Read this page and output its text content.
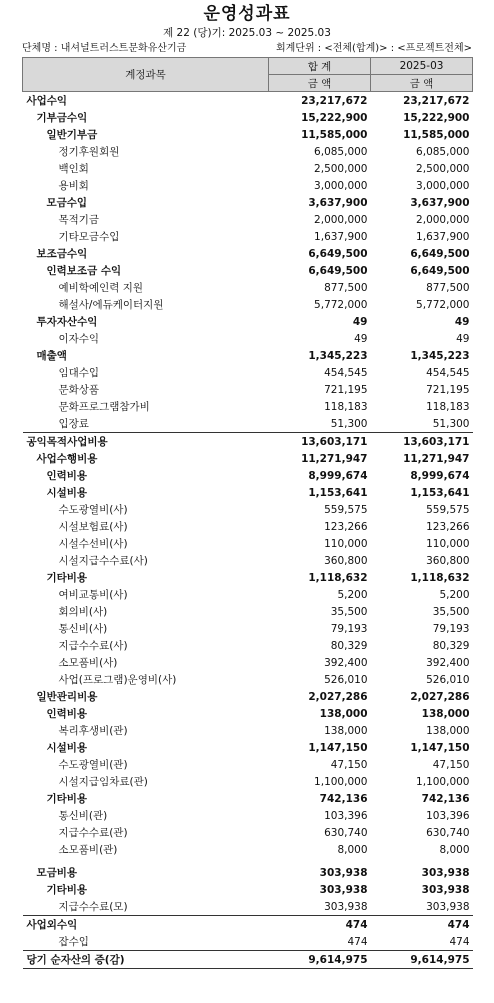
운영성과표
제 22 (당)기: 2025.03 ~ 2025.03
단체명 : 내셔널트러스트문화유산기금	회계단위 : <전체(합계)> : <프로젝트전체>
계정과목	합 계	2025-03
	금 액	금 액
사업수익	23,217,672	23,217,672
기부금수익	15,222,900	15,222,900
일반기부금	11,585,000	11,585,000
정기후원회원	6,085,000	6,085,000
백인회	2,500,000	2,500,000
용비회	3,000,000	3,000,000
모금수입	3,637,900	3,637,900
목적기금	2,000,000	2,000,000
기타모금수입	1,637,900	1,637,900
보조금수익	6,649,500	6,649,500
인력보조금 수익	6,649,500	6,649,500
예비학예인력 지원	877,500	877,500
해설사/에듀케이터지원	5,772,000	5,772,000
투자자산수익	49	49
이자수익	49	49
매출액	1,345,223	1,345,223
임대수입	454,545	454,545
문화상품	721,195	721,195
문화프로그램참가비	118,183	118,183
입장료	51,300	51,300
공익목적사업비용	13,603,171	13,603,171
사업수행비용	11,271,947	11,271,947
인력비용	8,999,674	8,999,674
시설비용	1,153,641	1,153,641
수도광열비(사)	559,575	559,575
시설보험료(사)	123,266	123,266
시설수선비(사)	110,000	110,000
시설지급수수료(사)	360,800	360,800
기타비용	1,118,632	1,118,632
여비교통비(사)	5,200	5,200
회의비(사)	35,500	35,500
통신비(사)	79,193	79,193
지급수수료(사)	80,329	80,329
소모품비(사)	392,400	392,400
사업(프로그램)운영비(사)	526,010	526,010
일반관리비용	2,027,286	2,027,286
인력비용	138,000	138,000
복리후생비(관)	138,000	138,000
시설비용	1,147,150	1,147,150
수도광열비(관)	47,150	47,150
시설지급임차료(관)	1,100,000	1,100,000
기타비용	742,136	742,136
통신비(관)	103,396	103,396
지급수수료(관)	630,740	630,740
소모품비(관)	8,000	8,000

모금비용	303,938	303,938
기타비용	303,938	303,938
지급수수료(모)	303,938	303,938
사업외수익	474	474
잡수입	474	474
당기 순자산의 증(감)	9,614,975	9,614,975
